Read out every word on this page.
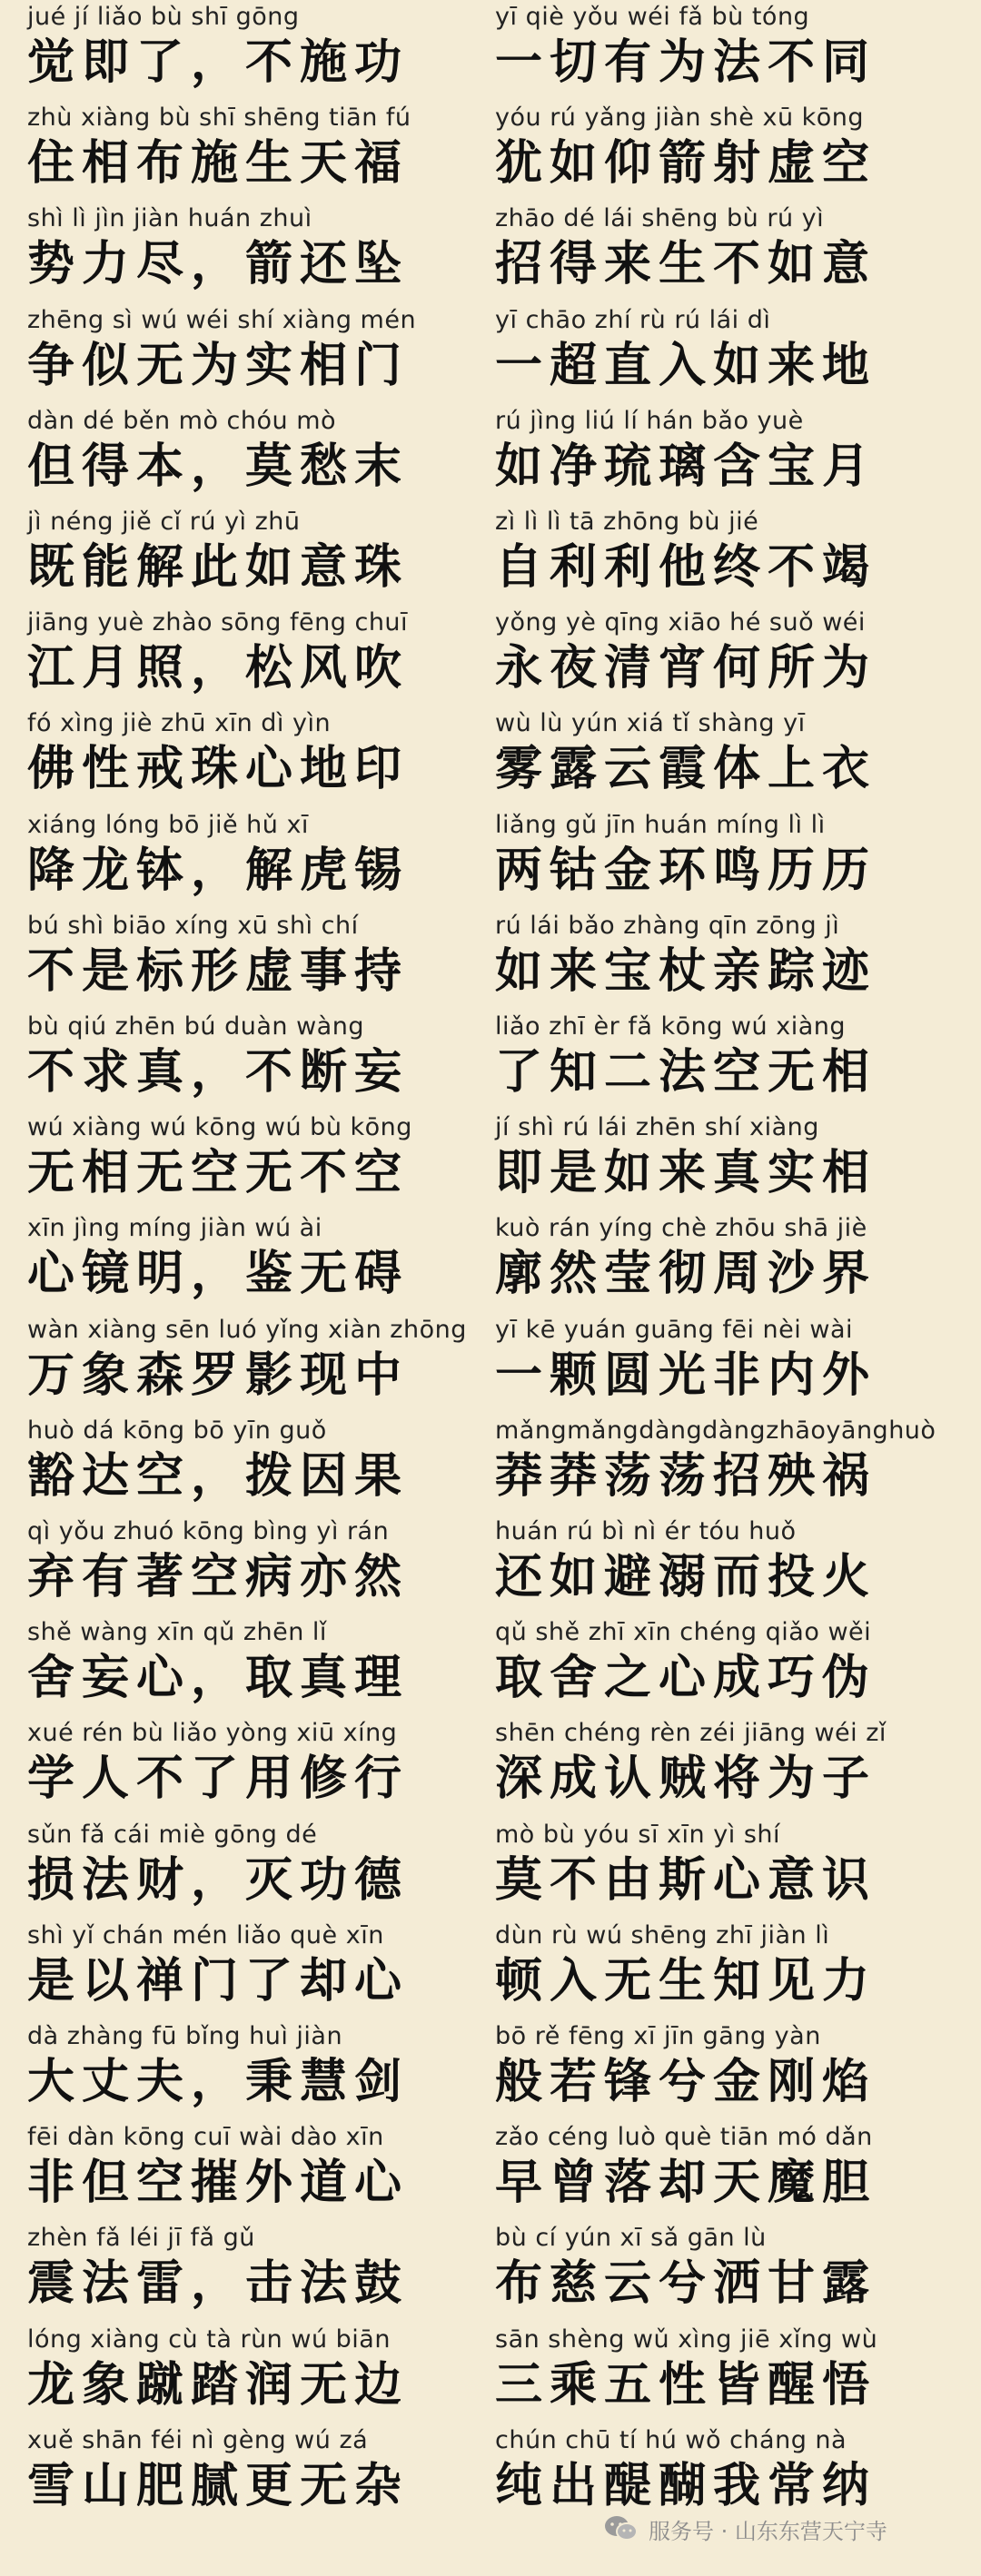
jué jí liǎo bù shī gōng
觉即了，不施功
yī qiè yǒu wéi fǎ bù tóng
一切有为法不同
zhù xiàng bù shī shēng tiān fú
住相布施生天福
yóu rú yǎng jiàn shè xū kōng
犹如仰箭射虚空
shì lì jìn jiàn huán zhuì
势力尽，箭还坠
zhāo dé lái shēng bù rú yì
招得来生不如意
zhēng sì wú wéi shí xiàng mén
争似无为实相门
yī chāo zhí rù rú lái dì
一超直入如来地
dàn dé běn mò chóu mò
但得本，莫愁末
rú jìng liú lí hán bǎo yuè
如净琉璃含宝月
jì néng jiě cǐ rú yì zhū
既能解此如意珠
zì lì lì tā zhōng bù jié
自利利他终不竭
jiāng yuè zhào sōng fēng chuī
江月照，松风吹
yǒng yè qīng xiāo hé suǒ wéi
永夜清宵何所为
fó xìng jiè zhū xīn dì yìn
佛性戒珠心地印
wù lù yún xiá tǐ shàng yī
雾露云霞体上衣
xiáng lóng bō jiě hǔ xī
降龙钵，解虎锡
liǎng gǔ jīn huán míng lì lì
两钴金环鸣历历
bú shì biāo xíng xū shì chí
不是标形虚事持
rú lái bǎo zhàng qīn zōng jì
如来宝杖亲踪迹
bù qiú zhēn bú duàn wàng
不求真，不断妄
liǎo zhī èr fǎ kōng wú xiàng
了知二法空无相
wú xiàng wú kōng wú bù kōng
无相无空无不空
jí shì rú lái zhēn shí xiàng
即是如来真实相
xīn jìng míng jiàn wú ài
心镜明，鉴无碍
kuò rán yíng chè zhōu shā jiè
廓然莹彻周沙界
wàn xiàng sēn luó yǐng xiàn zhōng
万象森罗影现中
yī kē yuán guāng fēi nèi wài
一颗圆光非内外
huò dá kōng bō yīn guǒ
豁达空，拨因果
mǎngmǎngdàngdàngzhāoyānghuò
莽莽荡荡招殃祸
qì yǒu zhuó kōng bìng yì rán
弃有著空病亦然
huán rú bì nì ér tóu huǒ
还如避溺而投火
shě wàng xīn qǔ zhēn lǐ
舍妄心，取真理
qǔ shě zhī xīn chéng qiǎo wěi
取舍之心成巧伪
xué rén bù liǎo yòng xiū xíng
学人不了用修行
shēn chéng rèn zéi jiāng wéi zǐ
深成认贼将为子
sǔn fǎ cái miè gōng dé
损法财，灭功德
mò bù yóu sī xīn yì shí
莫不由斯心意识
shì yǐ chán mén liǎo què xīn
是以禅门了却心
dùn rù wú shēng zhī jiàn lì
顿入无生知见力
dà zhàng fū bǐng huì jiàn
大丈夫，秉慧剑
bō rě fēng xī jīn gāng yàn
般若锋兮金刚焰
fēi dàn kōng cuī wài dào xīn
非但空摧外道心
zǎo céng luò què tiān mó dǎn
早曾落却天魔胆
zhèn fǎ léi jī fǎ gǔ
震法雷，击法鼓
bù cí yún xī sǎ gān lù
布慈云兮洒甘露
lóng xiàng cù tà rùn wú biān
龙象蹴踏润无边
sān shèng wǔ xìng jiē xǐng wù
三乘五性皆醒悟
xuě shān féi nì gèng wú zá
雪山肥腻更无杂
chún chū tí hú wǒ cháng nà
纯出醍醐我常纳
服务号 · 山东东营天宁寺
